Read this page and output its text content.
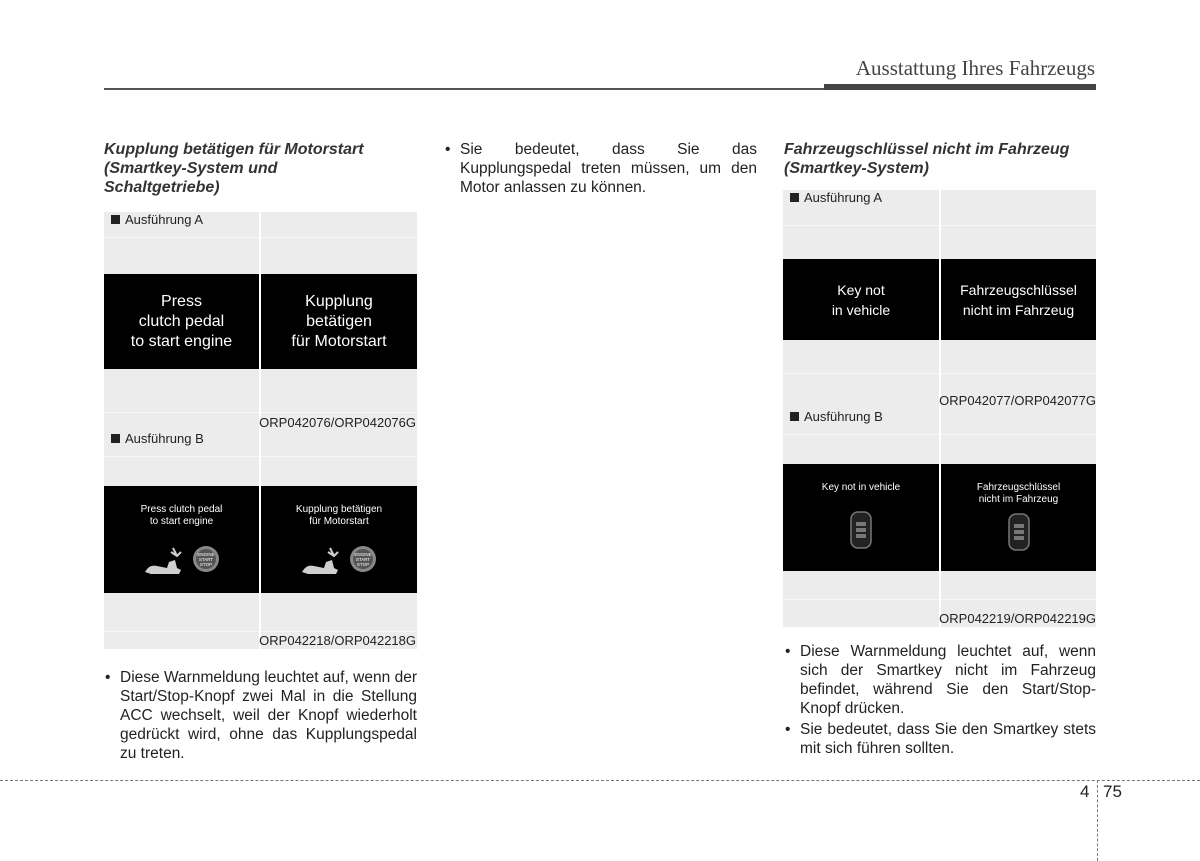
Ausstattung Ihres Fahrzeugs
Kupplung betätigen für Motorstart
(Smartkey-System und
Schaltgetriebe)
Ausführung A
Press
clutch pedal
to start engine
Kupplung
betätigen
für Motorstart
ORP042076/ORP042076G
Ausführung B
Press clutch pedal
to start engine
ENGINE
START
STOP
Kupplung betätigen
für Motorstart
ENGINE
START
STOP
ORP042218/ORP042218G
• Diese Warnmeldung leuchtet auf, wenn der Start/Stop-Knopf zwei Mal in die Stellung ACC wechselt, weil der Knopf wiederholt gedrückt wird, ohne das Kupplungspedal zu treten.
• Sie bedeutet, dass Sie das Kupplungspedal treten müssen, um den Motor anlassen zu können.
Fahrzeugschlüssel nicht im Fahrzeug
(Smartkey-System)
Ausführung A
Key not
in vehicle
Fahrzeugschlüssel
nicht im Fahrzeug
ORP042077/ORP042077G
Ausführung B
Key not in vehicle	Fahrzeugschlüssel
nicht im Fahrzeug
ORP042219/ORP042219G
• Diese Warnmeldung leuchtet auf, wenn sich der Smartkey nicht im Fahrzeug befindet, während Sie den Start/Stop-Knopf drücken.
• Sie bedeutet, dass Sie den Smartkey stets mit sich führen sollten.
4 75
